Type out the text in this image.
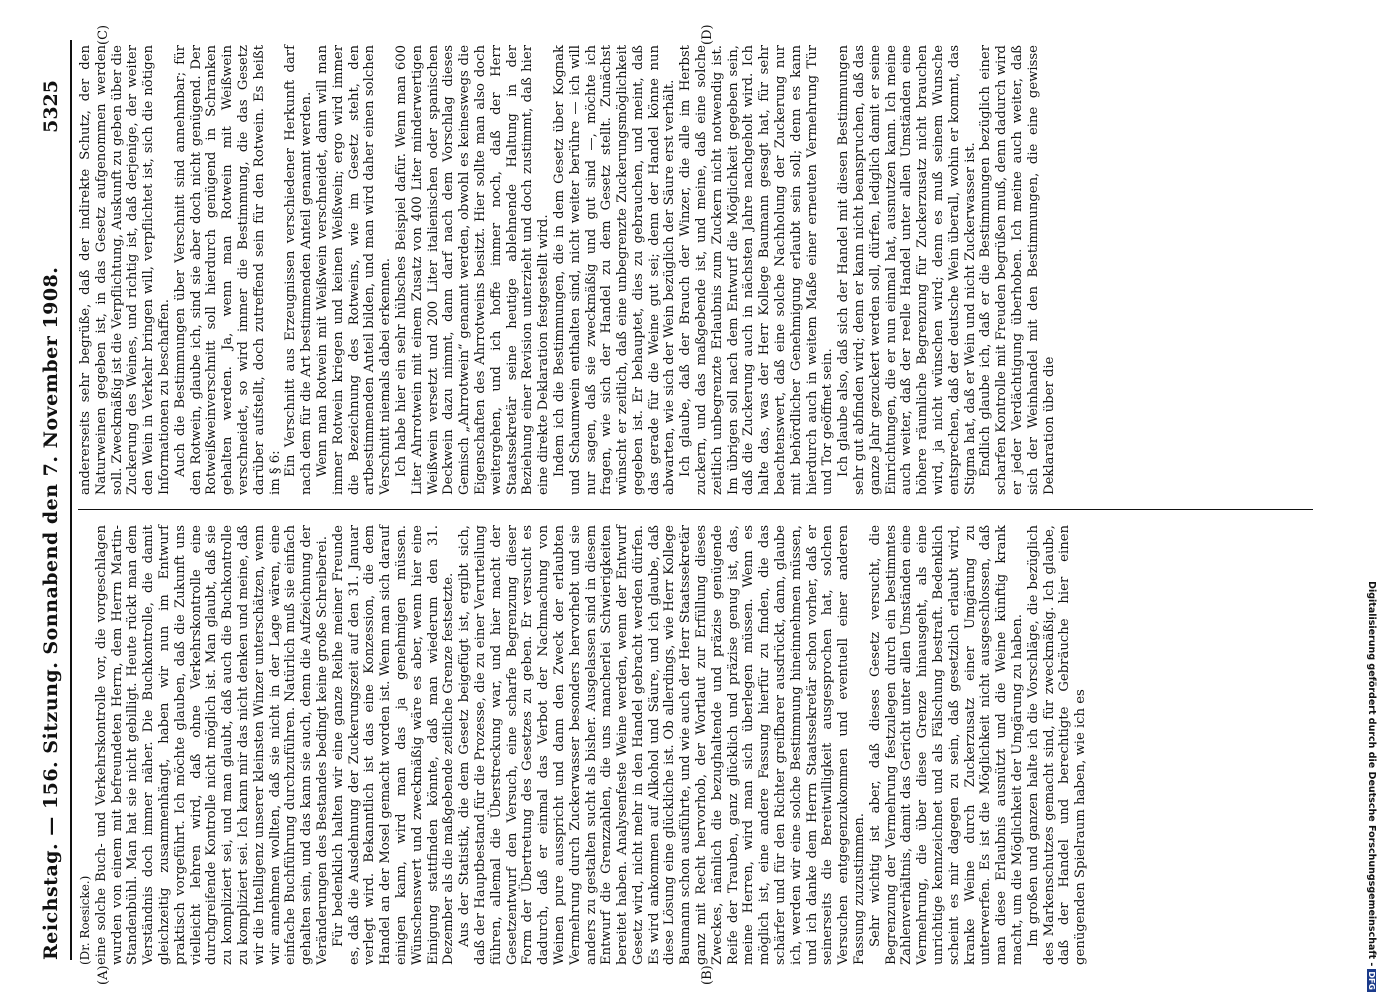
Reichstag. — 156. Sitzung. Sonnabend den 7. November 1908.
5325

(Dr. Roesicke.) eine solche Buch- und Verkehrskontrolle vor, die vorgeschlagen wurden von einem mit befreundeten Herrn, dem Herrn Martin-Standenbühl. Man hat sie nicht gebilligt. Heute rückt man dem Verständnis doch immer näher. Die Buchkontrolle, die damit gleichzeitig zusammenhängt, haben wir nun im Entwurf praktisch vorgeführt. Ich möchte glauben, daß die Zukunft uns vielleicht lehren wird, daß ohne Verkehrskontrolle eine durchgreifende Kontrolle nicht möglich ist. Man glaubt, daß sie zu kompliziert sei, und man glaubt, daß auch die Buchkontrolle zu kompliziert sei. Ich kann mir das nicht denken und meine, daß wir die Intelligenz unserer kleinsten Winzer unterschätzen, wenn wir annehmen wollten, daß sie nicht in der Lage wären, eine einfache Buchführung durchzuführen. Natürlich muß sie einfach gehalten sein, und das kann sie auch, denn die Aufzeichnung der Veränderungen des Bestandes bedingt keine große Schreiberei. Für bedenklich halten wir eine ganze Reihe meiner Freunde es, daß die Ausdehnung der Zuckerungszeit auf den 31. Januar verlegt wird. Bekanntlich ist das eine Konzession, die dem Handel an der Mosel gemacht worden ist. Wenn man sich darauf einigen kann, wird man das ja genehmigen müssen. Wünschenswert und zweckmäßig wäre es aber, wenn hier eine Einigung stattfinden könnte, daß man wiederum den 31. Dezember als die maßgebende zeitliche Grenze festsetzte. Aus der Statistik, die dem Gesetz beigefügt ist, ergibt sich, daß der Hauptbestand für die Prozesse, die zu einer Verurteilung führen, allemal die Überstreckung war, und hier macht der Gesetzentwurf den Versuch, eine scharfe Begrenzung dieser Form der Übertretung des Gesetzes zu geben. Er versucht es dadurch, daß er einmal das Verbot der Nachmachung von Weinen pure ausspricht und dann den Zweck der erlaubten Vermehrung durch Zuckerwasser besonders hervorhebt und sie anders zu gestalten sucht als bisher. Ausgelassen sind in diesem Entwurf die Grenzzahlen, die uns mancherlei Schwierigkeiten bereitet haben. Analysenfeste Weine werden, wenn der Entwurf Gesetz wird, nicht mehr in den Handel gebracht werden dürfen. Es wird ankommen auf Alkohol und Säure, und ich glaube, daß diese Lösung eine glückliche ist. Ob allerdings, wie Herr Kollege Baumann schon ausführte, und wie auch der Herr Staatssekretär ganz mit Recht hervorhob, der Wortlaut zur Erfüllung dieses Zweckes, nämlich die bezughaltende und präzise genügende Reife der Trauben, ganz glücklich und präzise genug ist, das, meine Herren, wird man sich überlegen müssen. Wenn es möglich ist, eine andere Fassung hierfür zu finden, die das schärfer und für den Richter greifbarer ausdrückt, dann, glaube ich, werden wir eine solche Bestimmung hineinnehmen müssen, und ich danke dem Herrn Staatssekretär schon vorher, daß er seinerseits die Bereitwilligkeit ausgesprochen hat, solchen Versuchen entgegenzukommen und eventuell einer anderen Fassung zuzustimmen. Sehr wichtig ist aber, daß dieses Gesetz versucht, die Begrenzung der Vermehrung festzulegen durch ein bestimmtes Zahlenverhältnis, damit das Gericht unter allen Umständen eine Vermehrung, die über diese Grenze hinausgeht, als eine unrichtige kennzeichnet und als Fälschung bestraft. Bedenklich scheint es mir dagegen zu sein, daß gesetzlich erlaubt wird, kranke Weine durch Zuckerzusatz einer Umgärung zu unterwerfen. Es ist die Möglichkeit nicht ausgeschlossen, daß man diese Erlaubnis ausnützt und die Weine künftig krank macht, um die Möglichkeit der Umgärung zu haben. Im großen und ganzen halte ich die Vorschläge, die bezüglich des Markenschutzes gemacht sind, für zweckmäßig. Ich glaube, daß der Handel und berechtigte Gebräuche hier einen genügenden Spielraum haben, wie ich es

andererseits sehr begrüße, daß der indirekte Schutz, der den Naturweinen gegeben ist, in das Gesetz aufgenommen werden soll. Zweckmäßig ist die Verpflichtung, Auskunft zu geben über die Zuckerung des Weines, und richtig ist, daß derjenige, der weiter den Wein in Verkehr bringen will, verpflichtet ist, sich die nötigen Informationen zu beschaffen. Auch die Bestimmungen über Verschnitt sind annehmbar; für den Rotwein, glaube ich, sind sie aber doch nicht genügend. Der Rotweißweinverschnitt soll hierdurch genügend in Schranken gehalten werden. Ja, wenn man Rotwein mit Weißwein verschneidet, so wird immer die Bestimmung, die das Gesetz darüber aufstellt, doch zutreffend sein für den Rotwein. Es heißt im § 6: Ein Verschnitt aus Erzeugnissen verschiedener Herkunft darf nach dem für die Art bestimmenden Anteil genannt werden. Wenn man Rotwein mit Weißwein verschneidet, dann will man immer Rotwein kriegen und keinen Weißwein; ergo wird immer die Bezeichnung des Rotweins, wie im Gesetz steht, den artbestimmenden Anteil bilden, und man wird daher einen solchen Verschnitt niemals dabei erkennen. Ich habe hier ein sehr hübsches Beispiel dafür. Wenn man 600 Liter Ahrrotwein mit einem Zusatz von 400 Liter minderwertigen Weißwein versetzt und 200 Liter italienischen oder spanischen Deckwein dazu nimmt, dann darf nach dem Vorschlag dieses Gemisch „Ahrrotwein“ genannt werden, obwohl es keineswegs die Eigenschaften des Ahrrotweins besitzt. Hier sollte man also doch weitergehen, und ich hoffe immer noch, daß der Herr Staatssekretär seine heutige ablehnende Haltung in der Beziehung einer Revision unterzieht und doch zustimmt, daß hier eine direkte Deklaration festgestellt wird. Indem ich die Bestimmungen, die in dem Gesetz über Kognak und Schaumwein enthalten sind, nicht weiter berühre — ich will nur sagen, daß sie zweckmäßig und gut sind —, möchte ich fragen, wie sich der Handel zu dem Gesetz stellt. Zunächst wünscht er zeitlich, daß eine unbegrenzte Zuckerungsmöglichkeit gegeben ist. Er behauptet, dies zu gebrauchen, und meint, daß das gerade für die Weine gut sei; denn der Handel könne nun abwarten, wie sich der Wein bezüglich der Säure erst verhält. Ich glaube, daß der Brauch der Winzer, die alle im Herbst zuckern, und das maßgebende ist, und meine, daß eine solche zeitlich unbegrenzte Erlaubnis zum Zuckern nicht notwendig ist. Im übrigen soll nach dem Entwurf die Möglichkeit gegeben sein, daß die Zuckerung auch in nächsten Jahre nachgeholt wird. Ich halte das, was der Herr Kollege Baumann gesagt hat, für sehr beachtenswert, daß eine solche Nachholung der Zuckerung nur mit behördlicher Genehmigung erlaubt sein soll; denn es kann hierdurch auch in weitem Maße einer erneuten Vermehrung Tür und Tor geöffnet sein. Ich glaube also, daß sich der Handel mit diesen Bestimmungen sehr gut abfinden wird; denn er kann nicht beanspruchen, daß das ganze Jahr gezuckert werden soll, dürfen, lediglich damit er seine Einrichtungen, die er nun einmal hat, ausnutzen kann. Ich meine auch weiter, daß der reelle Handel unter allen Umständen eine höhere räumliche Begrenzung für Zuckerzusatz nicht brauchen wird, ja nicht wünschen wird; denn es muß seinem Wunsche entsprechen, daß der deutsche Wein überall, wohin er kommt, das Stigma hat, daß er Wein und nicht Zuckerwasser ist. Endlich glaube ich, daß er die Bestimmungen bezüglich einer scharfen Kontrolle mit Freuden begrüßen muß, denn dadurch wird er jeder Verdächtigung überhoben. Ich meine auch weiter, daß sich der Weinhandel mit den Bestimmungen, die eine gewisse Deklaration über die

(A)	(B)
(C)	(D)
Digitalisierung gefördert durch die Deutsche Forschungsgemeinschaft -DFG
